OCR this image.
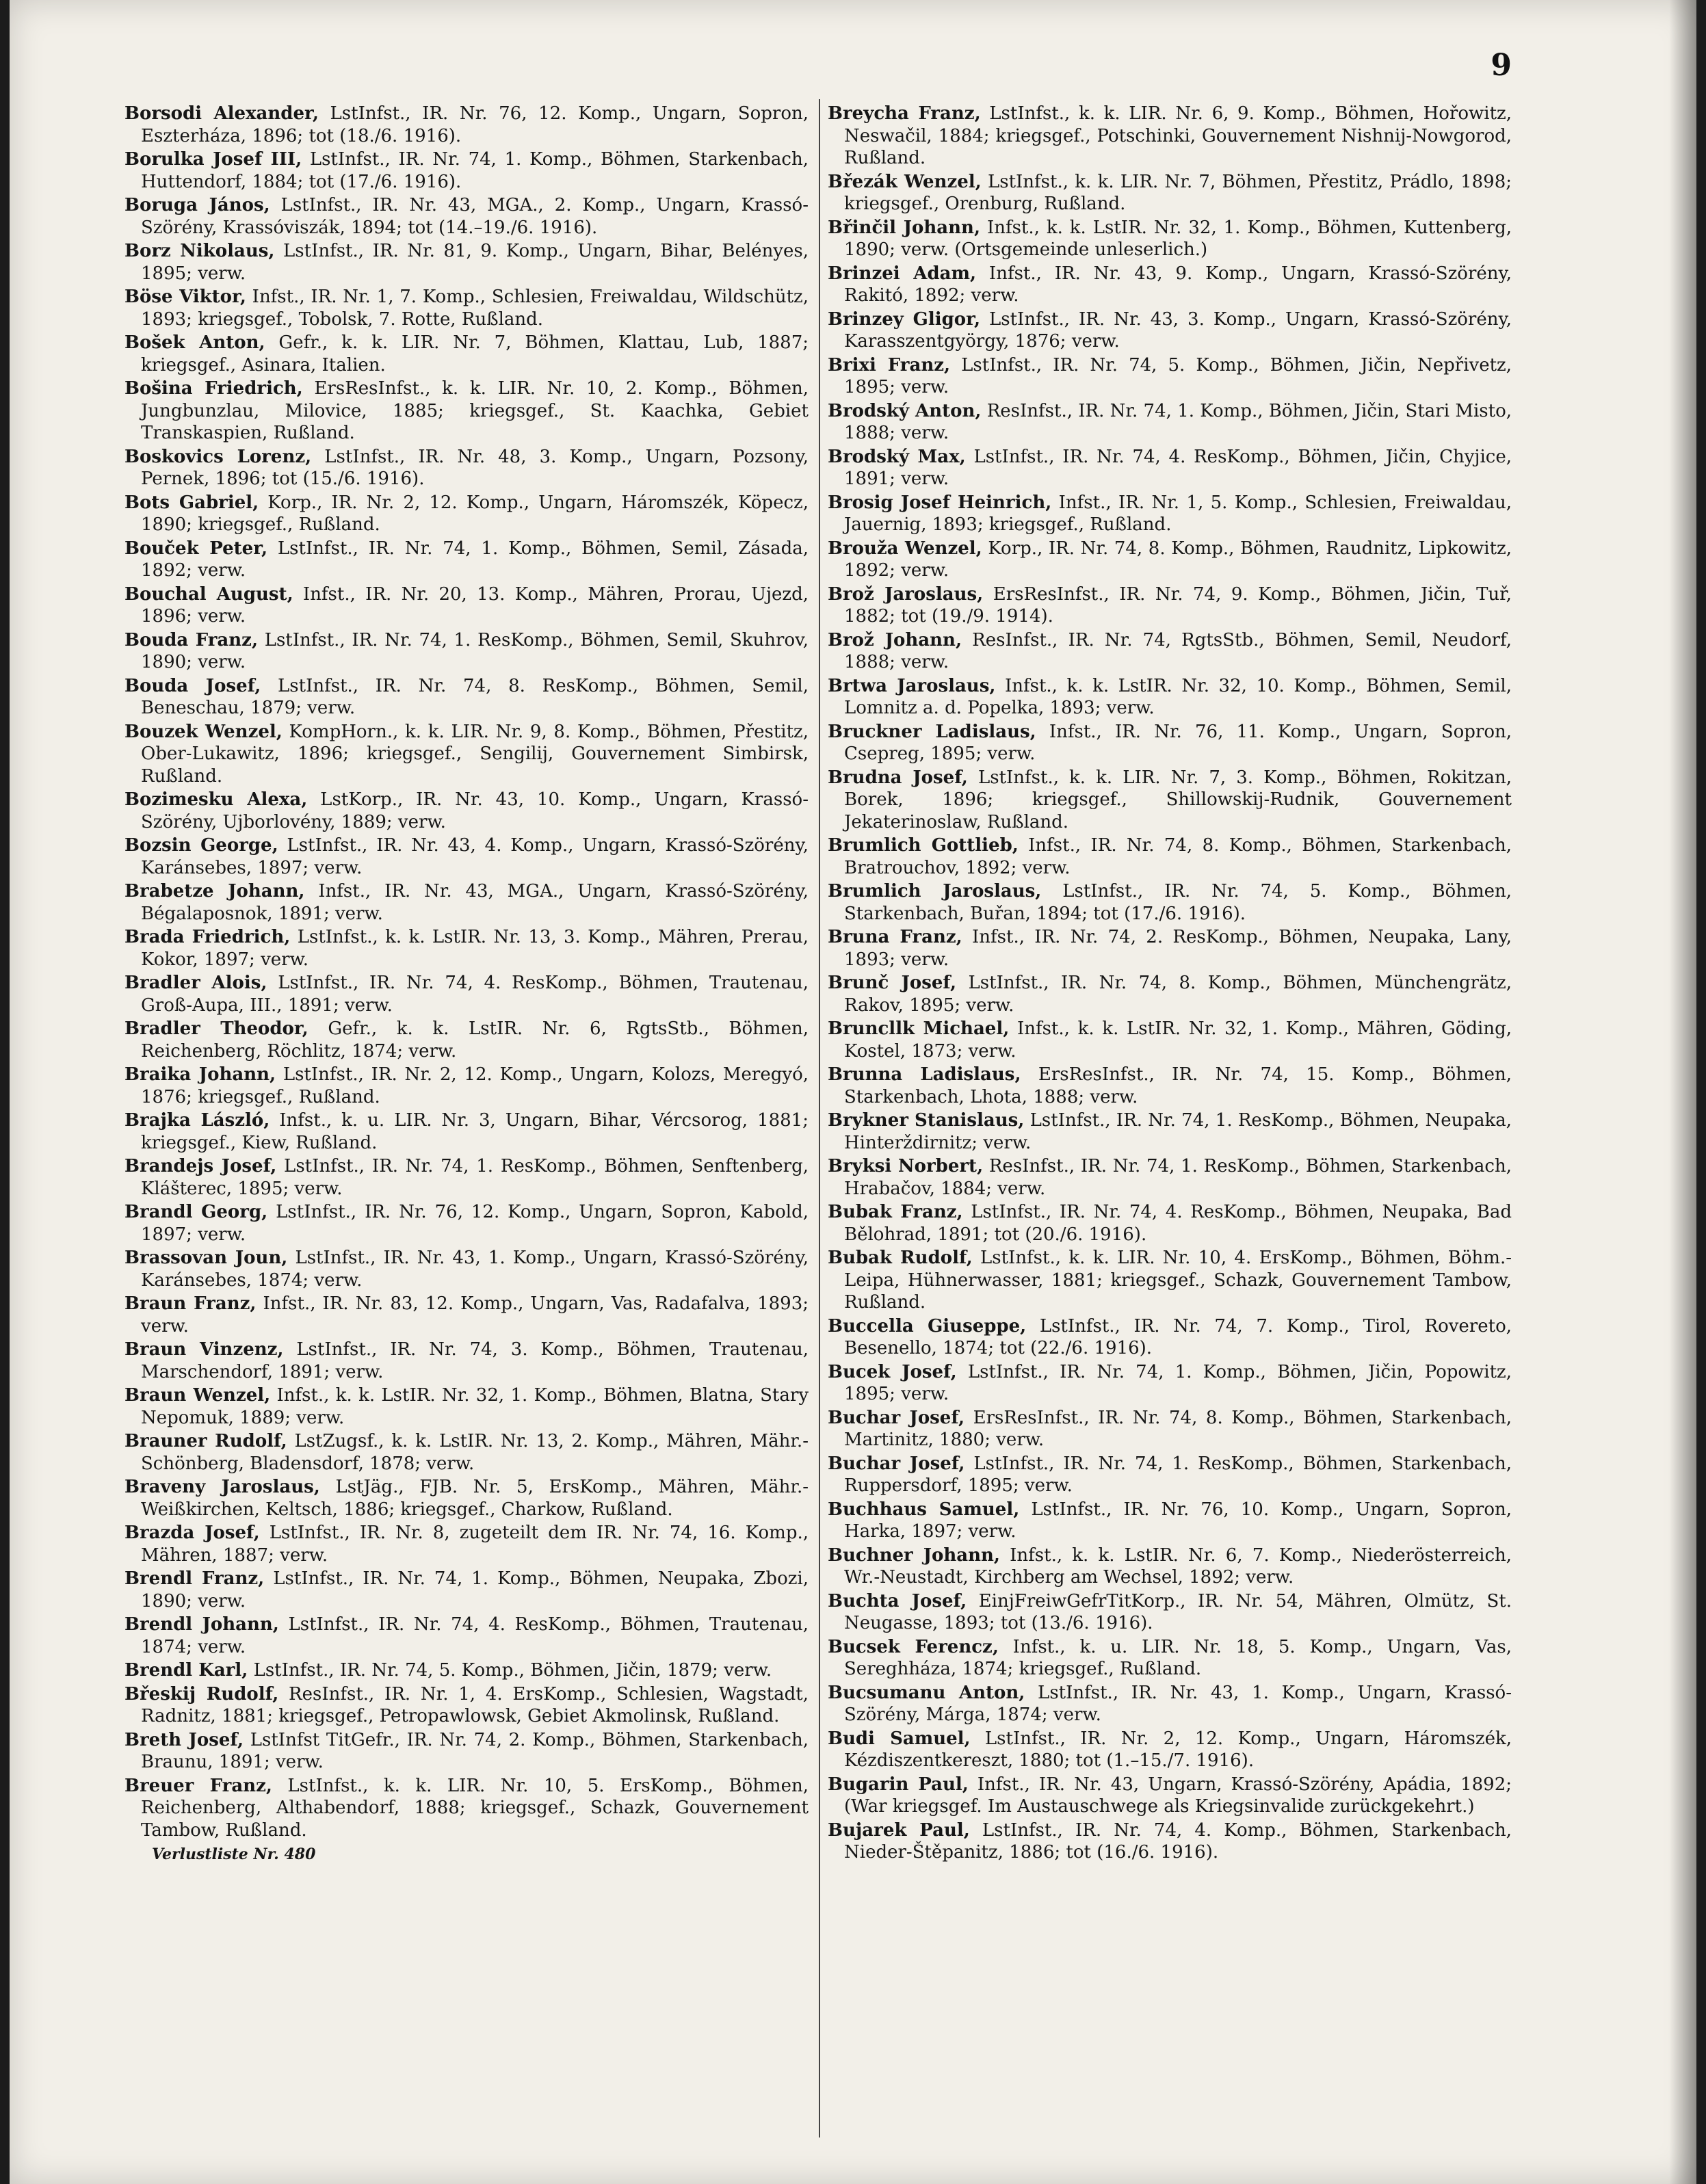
9

Borsodi Alexander, LstInfst., IR. Nr. 76, 12. Komp., Ungarn, Sopron, Eszterháza, 1896; tot (18./6. 1916).

Borulka Josef III, LstInfst., IR. Nr. 74, 1. Komp., Böhmen, Starkenbach, Huttendorf, 1884; tot (17./6. 1916).

Boruga János, LstInfst., IR. Nr. 43, MGA., 2. Komp., Ungarn, Krassó-Szörény, Krassóviszák, 1894; tot (14.–19./6. 1916).

Borz Nikolaus, LstInfst., IR. Nr. 81, 9. Komp., Ungarn, Bihar, Belényes, 1895; verw.

Böse Viktor, Infst., IR. Nr. 1, 7. Komp., Schlesien, Freiwaldau, Wildschütz, 1893; kriegsgef., Tobolsk, 7. Rotte, Rußland.

Bošek Anton, Gefr., k. k. LIR. Nr. 7, Böhmen, Klattau, Lub, 1887; kriegsgef., Asinara, Italien.

Bošina Friedrich, ErsResInfst., k. k. LIR. Nr. 10, 2. Komp., Böhmen, Jungbunzlau, Milovice, 1885; kriegsgef., St. Kaachka, Gebiet Transkaspien, Rußland.

Boskovics Lorenz, LstInfst., IR. Nr. 48, 3. Komp., Ungarn, Pozsony, Pernek, 1896; tot (15./6. 1916).

Bots Gabriel, Korp., IR. Nr. 2, 12. Komp., Ungarn, Háromszék, Köpecz, 1890; kriegsgef., Rußland.

Bouček Peter, LstInfst., IR. Nr. 74, 1. Komp., Böhmen, Semil, Zásada, 1892; verw.

Bouchal August, Infst., IR. Nr. 20, 13. Komp., Mähren, Prorau, Ujezd, 1896; verw.

Bouda Franz, LstInfst., IR. Nr. 74, 1. ResKomp., Böhmen, Semil, Skuhrov, 1890; verw.

Bouda Josef, LstInfst., IR. Nr. 74, 8. ResKomp., Böhmen, Semil, Beneschau, 1879; verw.

Bouzek Wenzel, KompHorn., k. k. LIR. Nr. 9, 8. Komp., Böhmen, Přestitz, Ober-Lukawitz, 1896; kriegsgef., Sengilij, Gouvernement Simbirsk, Rußland.

Bozimesku Alexa, LstKorp., IR. Nr. 43, 10. Komp., Ungarn, Krassó-Szörény, Ujborlovény, 1889; verw.

Bozsin George, LstInfst., IR. Nr. 43, 4. Komp., Ungarn, Krassó-Szörény, Karánsebes, 1897; verw.

Brabetze Johann, Infst., IR. Nr. 43, MGA., Ungarn, Krassó-Szörény, Bégalaposnok, 1891; verw.

Brada Friedrich, LstInfst., k. k. LstIR. Nr. 13, 3. Komp., Mähren, Prerau, Kokor, 1897; verw.

Bradler Alois, LstInfst., IR. Nr. 74, 4. ResKomp., Böhmen, Trautenau, Groß-Aupa, III., 1891; verw.

Bradler Theodor, Gefr., k. k. LstIR. Nr. 6, RgtsStb., Böhmen, Reichenberg, Röchlitz, 1874; verw.

Braika Johann, LstInfst., IR. Nr. 2, 12. Komp., Ungarn, Kolozs, Meregyó, 1876; kriegsgef., Rußland.

Brajka László, Infst., k. u. LIR. Nr. 3, Ungarn, Bihar, Vércsorog, 1881; kriegsgef., Kiew, Rußland.

Brandejs Josef, LstInfst., IR. Nr. 74, 1. ResKomp., Böhmen, Senftenberg, Klášterec, 1895; verw.

Brandl Georg, LstInfst., IR. Nr. 76, 12. Komp., Ungarn, Sopron, Kabold, 1897; verw.

Brassovan Joun, LstInfst., IR. Nr. 43, 1. Komp., Ungarn, Krassó-Szörény, Karánsebes, 1874; verw.

Braun Franz, Infst., IR. Nr. 83, 12. Komp., Ungarn, Vas, Radafalva, 1893; verw.

Braun Vinzenz, LstInfst., IR. Nr. 74, 3. Komp., Böhmen, Trautenau, Marschendorf, 1891; verw.

Braun Wenzel, Infst., k. k. LstIR. Nr. 32, 1. Komp., Böhmen, Blatna, Stary Nepomuk, 1889; verw.

Brauner Rudolf, LstZugsf., k. k. LstIR. Nr. 13, 2. Komp., Mähren, Mähr.-Schönberg, Bladensdorf, 1878; verw.

Braveny Jaroslaus, LstJäg., FJB. Nr. 5, ErsKomp., Mähren, Mähr.-Weißkirchen, Keltsch, 1886; kriegsgef., Charkow, Rußland.

Brazda Josef, LstInfst., IR. Nr. 8, zugeteilt dem IR. Nr. 74, 16. Komp., Mähren, 1887; verw.

Brendl Franz, LstInfst., IR. Nr. 74, 1. Komp., Böhmen, Neupaka, Zbozi, 1890; verw.

Brendl Johann, LstInfst., IR. Nr. 74, 4. ResKomp., Böhmen, Trautenau, 1874; verw.

Brendl Karl, LstInfst., IR. Nr. 74, 5. Komp., Böhmen, Jičin, 1879; verw.

Břeskij Rudolf, ResInfst., IR. Nr. 1, 4. ErsKomp., Schlesien, Wagstadt, Radnitz, 1881; kriegsgef., Petropawlowsk, Gebiet Akmolinsk, Rußland.

Breth Josef, LstInfst TitGefr., IR. Nr. 74, 2. Komp., Böhmen, Starkenbach, Braunu, 1891; verw.

Breuer Franz, LstInfst., k. k. LIR. Nr. 10, 5. ErsKomp., Böhmen, Reichenberg, Althabendorf, 1888; kriegsgef., Schazk, Gouvernement Tambow, Rußland.

Verlustliste Nr. 480

Breycha Franz, LstInfst., k. k. LIR. Nr. 6, 9. Komp., Böhmen, Hořowitz, Neswačil, 1884; kriegsgef., Potschinki, Gouvernement Nishnij-Nowgorod, Rußland.

Březák Wenzel, LstInfst., k. k. LIR. Nr. 7, Böhmen, Přestitz, Prádlo, 1898; kriegsgef., Orenburg, Rußland.

Břinčil Johann, Infst., k. k. LstIR. Nr. 32, 1. Komp., Böhmen, Kuttenberg, 1890; verw. (Ortsgemeinde unleserlich.)

Brinzei Adam, Infst., IR. Nr. 43, 9. Komp., Ungarn, Krassó-Szörény, Rakitó, 1892; verw.

Brinzey Gligor, LstInfst., IR. Nr. 43, 3. Komp., Ungarn, Krassó-Szörény, Karasszentgyörgy, 1876; verw.

Brixi Franz, LstInfst., IR. Nr. 74, 5. Komp., Böhmen, Jičin, Nepřivetz, 1895; verw.

Brodský Anton, ResInfst., IR. Nr. 74, 1. Komp., Böhmen, Jičin, Stari Misto, 1888; verw.

Brodský Max, LstInfst., IR. Nr. 74, 4. ResKomp., Böhmen, Jičin, Chyjice, 1891; verw.

Brosig Josef Heinrich, Infst., IR. Nr. 1, 5. Komp., Schlesien, Freiwaldau, Jauernig, 1893; kriegsgef., Rußland.

Brouža Wenzel, Korp., IR. Nr. 74, 8. Komp., Böhmen, Raudnitz, Lipkowitz, 1892; verw.

Brož Jaroslaus, ErsResInfst., IR. Nr. 74, 9. Komp., Böhmen, Jičin, Tuř, 1882; tot (19./9. 1914).

Brož Johann, ResInfst., IR. Nr. 74, RgtsStb., Böhmen, Semil, Neudorf, 1888; verw.

Brtwa Jaroslaus, Infst., k. k. LstIR. Nr. 32, 10. Komp., Böhmen, Semil, Lomnitz a. d. Popelka, 1893; verw.

Bruckner Ladislaus, Infst., IR. Nr. 76, 11. Komp., Ungarn, Sopron, Csepreg, 1895; verw.

Brudna Josef, LstInfst., k. k. LIR. Nr. 7, 3. Komp., Böhmen, Rokitzan, Borek, 1896; kriegsgef., Shillowskij-Rudnik, Gouvernement Jekaterinoslaw, Rußland.

Brumlich Gottlieb, Infst., IR. Nr. 74, 8. Komp., Böhmen, Starkenbach, Bratrouchov, 1892; verw.

Brumlich Jaroslaus, LstInfst., IR. Nr. 74, 5. Komp., Böhmen, Starkenbach, Buřan, 1894; tot (17./6. 1916).

Bruna Franz, Infst., IR. Nr. 74, 2. ResKomp., Böhmen, Neupaka, Lany, 1893; verw.

Brunč Josef, LstInfst., IR. Nr. 74, 8. Komp., Böhmen, Münchengrätz, Rakov, 1895; verw.

Bruncllk Michael, Infst., k. k. LstIR. Nr. 32, 1. Komp., Mähren, Göding, Kostel, 1873; verw.

Brunna Ladislaus, ErsResInfst., IR. Nr. 74, 15. Komp., Böhmen, Starkenbach, Lhota, 1888; verw.

Brykner Stanislaus, LstInfst., IR. Nr. 74, 1. ResKomp., Böhmen, Neupaka, Hinterždirnitz; verw.

Bryksi Norbert, ResInfst., IR. Nr. 74, 1. ResKomp., Böhmen, Starkenbach, Hrabačov, 1884; verw.

Bubak Franz, LstInfst., IR. Nr. 74, 4. ResKomp., Böhmen, Neupaka, Bad Bělohrad, 1891; tot (20./6. 1916).

Bubak Rudolf, LstInfst., k. k. LIR. Nr. 10, 4. ErsKomp., Böhmen, Böhm.-Leipa, Hühnerwasser, 1881; kriegsgef., Schazk, Gouvernement Tambow, Rußland.

Buccella Giuseppe, LstInfst., IR. Nr. 74, 7. Komp., Tirol, Rovereto, Besenello, 1874; tot (22./6. 1916).

Bucek Josef, LstInfst., IR. Nr. 74, 1. Komp., Böhmen, Jičin, Popowitz, 1895; verw.

Buchar Josef, ErsResInfst., IR. Nr. 74, 8. Komp., Böhmen, Starkenbach, Martinitz, 1880; verw.

Buchar Josef, LstInfst., IR. Nr. 74, 1. ResKomp., Böhmen, Starkenbach, Ruppersdorf, 1895; verw.

Buchhaus Samuel, LstInfst., IR. Nr. 76, 10. Komp., Ungarn, Sopron, Harka, 1897; verw.

Buchner Johann, Infst., k. k. LstIR. Nr. 6, 7. Komp., Niederösterreich, Wr.-Neustadt, Kirchberg am Wechsel, 1892; verw.

Buchta Josef, EinjFreiwGefrTitKorp., IR. Nr. 54, Mähren, Olmütz, St. Neugasse, 1893; tot (13./6. 1916).

Bucsek Ferencz, Infst., k. u. LIR. Nr. 18, 5. Komp., Ungarn, Vas, Sereghháza, 1874; kriegsgef., Rußland.

Bucsumanu Anton, LstInfst., IR. Nr. 43, 1. Komp., Ungarn, Krassó-Szörény, Márga, 1874; verw.

Budi Samuel, LstInfst., IR. Nr. 2, 12. Komp., Ungarn, Háromszék, Kézdiszentkereszt, 1880; tot (1.–15./7. 1916).

Bugarin Paul, Infst., IR. Nr. 43, Ungarn, Krassó-Szörény, Apádia, 1892; (War kriegsgef. Im Austauschwege als Kriegsinvalide zurückgekehrt.)

Bujarek Paul, LstInfst., IR. Nr. 74, 4. Komp., Böhmen, Starkenbach, Nieder-Štěpanitz, 1886; tot (16./6. 1916).
